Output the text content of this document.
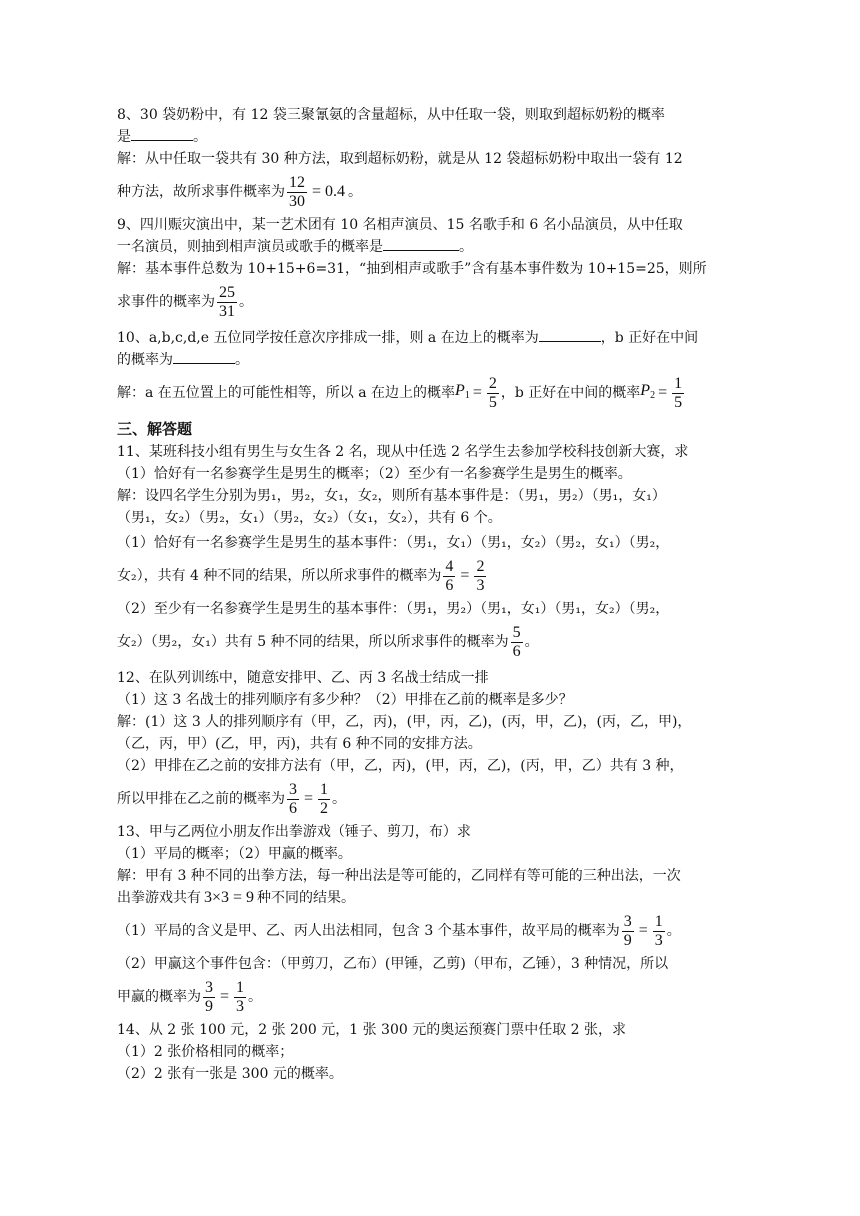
8、30 袋奶粉中，有 12 袋三聚氰氨的含量超标，从中任取一袋，则取到超标奶粉的概率
是	。
解：从中任取一袋共有 30 种方法，取到超标奶粉，就是从 12 袋超标奶粉中取出一袋有 12
种方法，故所求事件概率为 $\frac{12}{30} = 0.4$ 。
9、四川赈灾演出中，某一艺术团有 10 名相声演员、15 名歌手和 6 名小品演员，从中任取
一名演员，则抽到相声演员或歌手的概率是	。
解：基本事件总数为 10+15+6=31，“抽到相声或歌手”含有基本事件数为 10+15=25，则所
求事件的概率为 $\frac{25}{31}$ 。
10、a,b,c,d,e 五位同学按任意次序排成一排，则 a 在边上的概率为	，b 正好在中间
的概率为	。
解：a 在五位置上的可能性相等，所以 a 在边上的概率 $P_1 = \frac{2}{5}$ ，b 正好在中间的概率 $P_2 = \frac{1}{5}$
三、解答题
11、某班科技小组有男生与女生各 2 名，现从中任选 2 名学生去参加学校科技创新大赛，求
（1）恰好有一名参赛学生是男生的概率；（2）至少有一名参赛学生是男生的概率。
解：设四名学生分别为男₁，男₂，女₁，女₂，则所有基本事件是：（男₁，男₂）（男₁，女₁）
（男₁，女₂）（男₂，女₁）（男₂，女₂）（女₁，女₂），共有 6 个。
（1）恰好有一名参赛学生是男生的基本事件：（男₁，女₁）（男₁，女₂）（男₂，女₁）（男₂，
女₂），共有 4 种不同的结果，所以所求事件的概率为 $\frac{4}{6} = \frac{2}{3}$
（2）至少有一名参赛学生是男生的基本事件：（男₁，男₂）（男₁，女₁）（男₁，女₂）（男₂，
女₂）（男₂，女₁）共有 5 种不同的结果，所以所求事件的概率为 $\frac{5}{6}$ 。
12、在队列训练中，随意安排甲、乙、丙 3 名战士结成一排
（1）这 3 名战士的排列顺序有多少种？（2）甲排在乙前的概率是多少？
解：(1）这 3 人的排列顺序有（甲，乙，丙)，(甲，丙，乙)，(丙，甲，乙)，(丙，乙，甲)，
（乙，丙，甲）(乙，甲，丙)，共有 6 种不同的安排方法。
（2）甲排在乙之前的安排方法有（甲，乙，丙)，(甲，丙，乙)，(丙，甲，乙）共有 3 种，
所以甲排在乙之前的概率为 $\frac{3}{6} = \frac{1}{2}$ 。
13、甲与乙两位小朋友作出拳游戏（锤子、剪刀，布）求
（1）平局的概率；（2）甲赢的概率。
解：甲有 3 种不同的出拳方法，每一种出法是等可能的，乙同样有等可能的三种出法，一次
出拳游戏共有 3×3 = 9 种不同的结果。
（1）平局的含义是甲、乙、丙人出法相同，包含 3 个基本事件，故平局的概率为 $\frac{3}{9} = \frac{1}{3}$ 。
（2）甲赢这个事件包含：（甲剪刀，乙布）(甲锤，乙剪)（甲布，乙锤），3 种情况，所以
甲赢的概率为 $\frac{3}{9} = \frac{1}{3}$ 。
14、从 2 张 100 元，2 张 200 元，1 张 300 元的奥运预赛门票中任取 2 张，求
（1）2 张价格相同的概率；
（2）2 张有一张是 300 元的概率。
